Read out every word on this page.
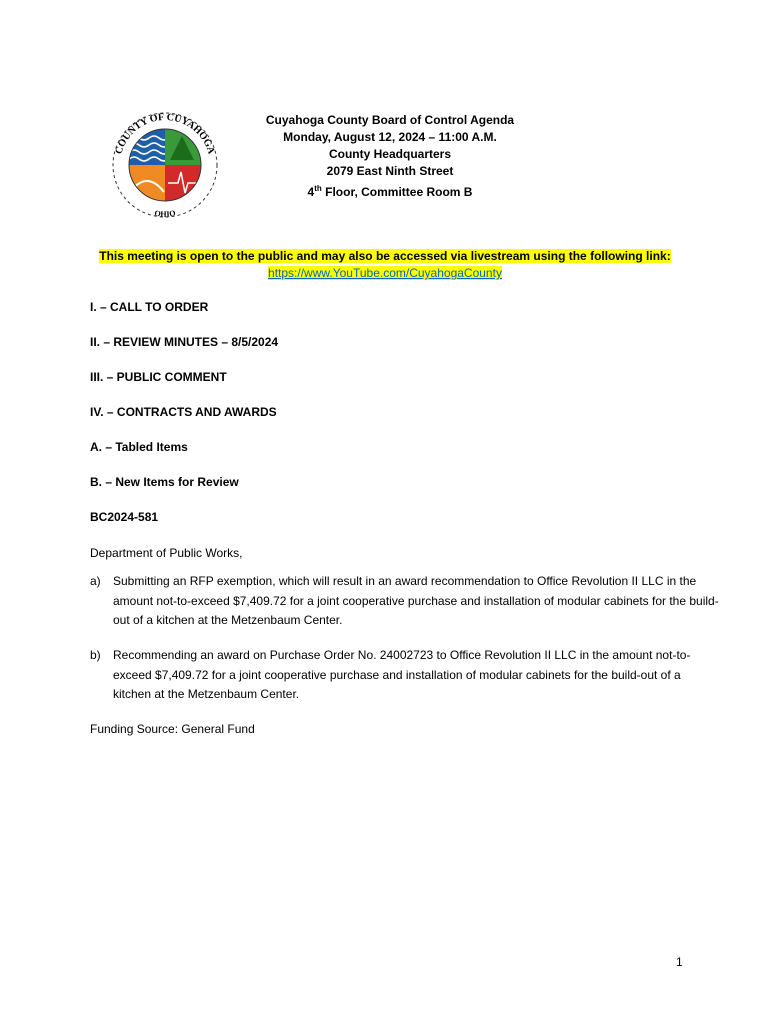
COUNTY OF CUYAHOGA
OHIO
Cuyahoga County Board of Control Agenda
Monday, August 12, 2024 – 11:00 A.M.
County Headquarters
2079 East Ninth Street
4th Floor, Committee Room B
This meeting is open to the public and may also be accessed via livestream using the following link:
https://www.YouTube.com/CuyahogaCounty
I. – CALL TO ORDER
II. – REVIEW MINUTES – 8/5/2024
III. – PUBLIC COMMENT
IV. – CONTRACTS AND AWARDS
A. – Tabled Items
B. – New Items for Review
BC2024-581
Department of Public Works,
a)	Submitting an RFP exemption, which will result in an award recommendation to Office Revolution II LLC in the amount not-to-exceed $7,409.72 for a joint cooperative purchase and installation of modular cabinets for the build-out of a kitchen at the Metzenbaum Center.
b)	Recommending an award on Purchase Order No. 24002723 to Office Revolution II LLC in the amount not-to-exceed $7,409.72 for a joint cooperative purchase and installation of modular cabinets for the build-out of a kitchen at the Metzenbaum Center.
Funding Source: General Fund
1
